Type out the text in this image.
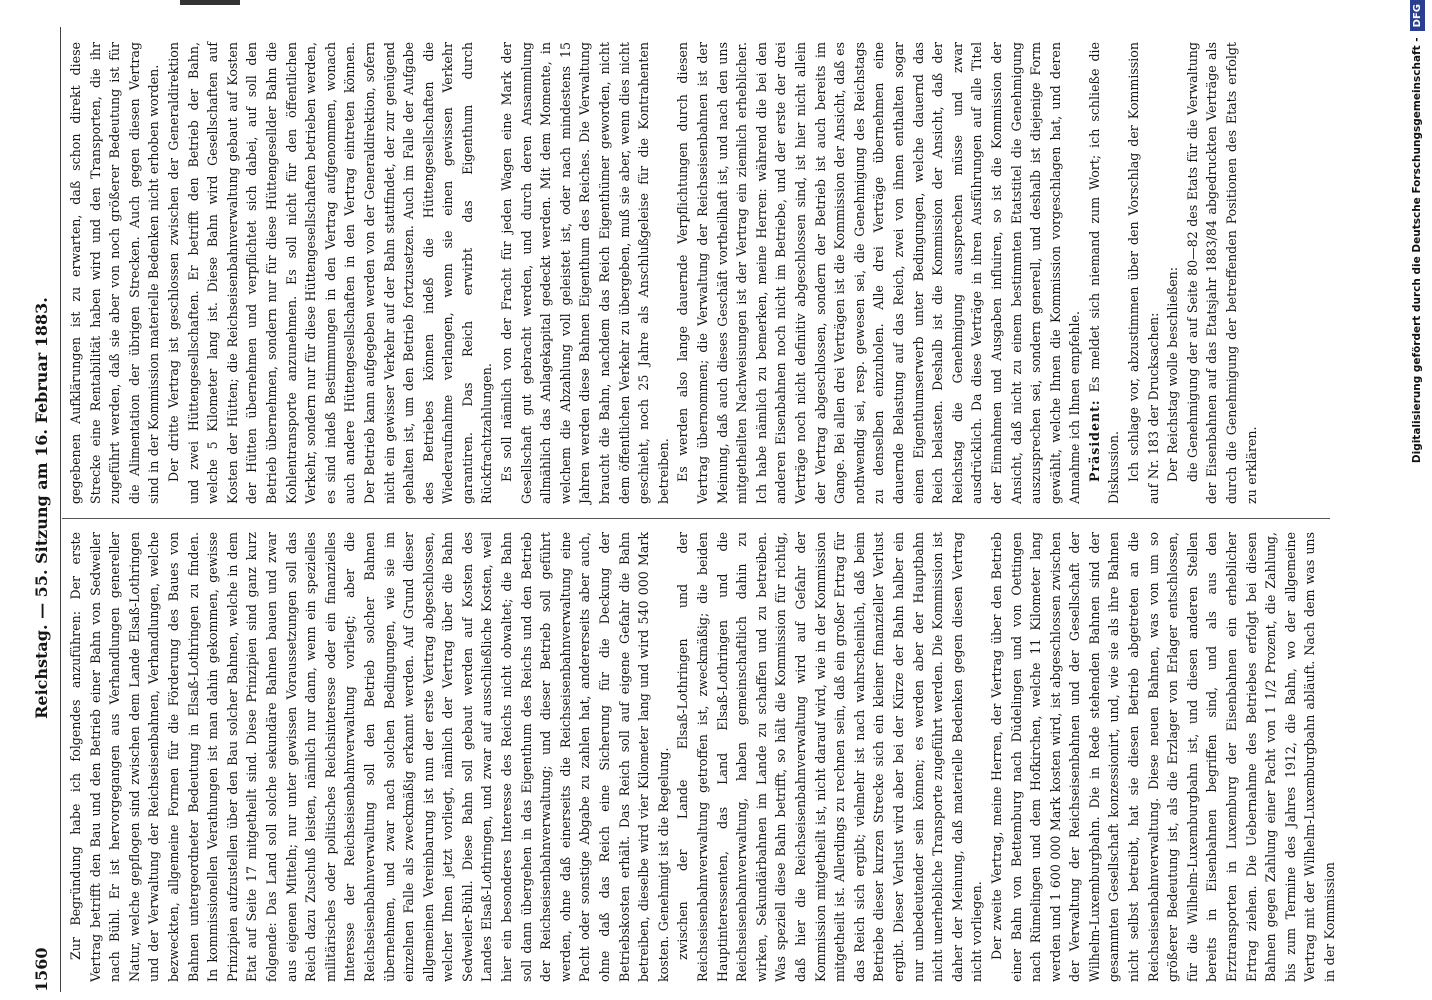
1560
Reichstag. — 55. Sitzung am 16. Februar 1883.

Zur Begründung habe ich folgendes anzuführen: Der erste Vertrag betrifft den Bau und den Betrieb einer Bahn von Sedweiler nach Bühl. Er ist hervorgegangen aus Verhandlungen genereller Natur, welche gepflogen sind zwischen dem Lande Elsaß-Lothringen und der Verwaltung der Reichseisenbahnen, Verhandlungen, welche bezweckten, allgemeine Formen für die Förderung des Baues von Bahnen untergeordneter Bedeutung in Elsaß-Lothringen zu finden. In kommissionellen Verathungen ist man dahin gekommen, gewisse Prinzipien aufzustellen über den Bau solcher Bahnen, welche in dem Etat auf Seite 17 mitgetheilt sind. Diese Prinzipien sind ganz kurz folgende: Das Land soll solche sekundäre Bahnen bauen und zwar aus eigenen Mitteln; nur unter gewissen Voraussetzungen soll das Reich dazu Zuschuß leisten, nämlich nur dann, wenn ein spezielles militärisches oder politisches Reichsinteresse oder ein finanzielles Interesse der Reichseisenbahnverwaltung vorliegt; aber die Reichseisenbahnverwaltung soll den Betrieb solcher Bahnen übernehmen, und zwar nach solchen Bedingungen, wie sie im einzelnen Falle als zweckmäßig erkannt werden. Auf Grund dieser allgemeinen Vereinbarung ist nun der erste Vertrag abgeschlossen, welcher Ihnen jetzt vorliegt, nämlich der Vertrag über die Bahn Sedweiler-Bühl. Diese Bahn soll gebaut werden auf Kosten des Landes Elsaß-Lothringen, und zwar auf ausschließliche Kosten, weil hier ein besonderes Interesse des Reichs nicht obwaltet; die Bahn soll dann übergehen in das Eigenthum des Reichs und den Betrieb der Reichseisenbahnverwaltung; und dieser Betrieb soll geführt werden, ohne daß einerseits die Reichseisenbahnverwaltung eine Pacht oder sonstige Abgabe zu zahlen hat, andererseits aber auch, ohne daß das Reich eine Sicherung für die Deckung der Betriebskosten erhält. Das Reich soll auf eigene Gefahr die Bahn betreiben, dieselbe wird vier Kilometer lang und wird 540 000 Mark kosten. Genehmigt ist die Regelung. zwischen der Lande Elsaß-Lothringen und der Reichseisenbahnverwaltung getroffen ist, zweckmäßig; die beiden Hauptinteressenten, das Land Elsaß-Lothringen und die Reichseisenbahnverwaltung, haben gemeinschaftlich dahin zu wirken, Sekundärbahnen im Lande zu schaffen und zu betreiben. Was speziell diese Bahn betrifft, so hält die Kommission für richtig, daß hier die Reichseisenbahnverwaltung wird auf Gefahr der Kommission mitgetheilt ist, nicht darauf wird, wie in der Kommission mitgetheilt ist. Allerdings zu rechnen sein, daß ein großer Ertrag für das Reich sich ergibt; vielmehr ist nach wahrscheinlich, daß beim Betriebe dieser kurzen Strecke sich ein kleiner finanzieller Verlust ergibt. Dieser Verlust wird aber bei der Kürze der Bahn halber ein nur unbedeutender sein können; es werden aber der Hauptbahn nicht unerhebliche Transporte zugeführt werden. Die Kommission ist daher der Meinung, daß materielle Bedenken gegen diesen Vertrag nicht vorliegen. Der zweite Vertrag, meine Herren, der Vertrag über den Betrieb einer Bahn von Bettemburg nach Düdelingen und von Oettingen nach Rümelingen und dem Hofkirchen, welche 11 Kilometer lang werden und 1 600 000 Mark kosten wird, ist abgeschlossen zwischen der Verwaltung der Reichseisenbahnen und der Gesellschaft der Wilhelm-Luxemburgbahn. Die in Rede stehenden Bahnen sind der gesammten Gesellschaft konzessionirt, und, wie sie als ihre Bahnen nicht selbst betreibt, hat sie diesen Betrieb abgetreten an die Reichseisenbahnverwaltung. Diese neuen Bahnen, was von um so größerer Bedeutung ist, als die Erzlager von Erlager entschlossen, für die Wilhelm-Luxemburgbahn ist, und diesen anderen Stellen bereits in Eisenbahnen begriffen sind, und als aus den Erztransporten in Luxemburg der Eisenbahnen ein erheblicher Ertrag ziehen. Die Uebernahme des Betriebes erfolgt bei diesen Bahnen gegen Zahlung einer Pacht von 1 1/2 Prozent, die Zahlung, bis zum Termine des Jahres 1912, die Bahn, wo der allgemeine Vertrag mit der Wilhelm-Luxemburgbahn abläuft. Nach dem was uns in der Kommission

gegebenen Aufklärungen ist zu erwarten, daß schon direkt diese Strecke eine Rentabilität haben wird und den Transporten, die ihr zugeführt werden, daß sie aber von noch größerer Bedeutung ist für die Alimentation der übrigen Strecken. Auch gegen diesen Vertrag sind in der Kommission materielle Bedenken nicht erhoben worden. Der dritte Vertrag ist geschlossen zwischen der Generaldirektion und zwei Hüttengesellschaften. Er betrifft den Betrieb der Bahn, welche 5 Kilometer lang ist. Diese Bahn wird Gesellschaften auf Kosten der Hütten; die Reichseisenbahnverwaltung gebaut auf Kosten der Hütten übernehmen und verpflichtet sich dabei, auf soll den Betrieb übernehmen, sondern nur für diese Hüttengesellder Bahn die Kohlentransporte anzunehmen. Es soll nicht für den öffentlichen Verkehr, sondern nur für diese Hüttengesellschaften betrieben werden, es sind indeß Bestimmungen in den Vertrag aufgenommen, wonach auch andere Hüttengesellschaften in den Vertrag eintreten können. Der Betrieb kann aufgegeben werden von der Generaldirektion, sofern nicht ein gewisser Verkehr auf der Bahn stattfindet, der zur genügend gehalten ist, um den Betrieb fortzusetzen. Auch im Falle der Aufgabe des Betriebes können indeß die Hüttengesellschaften die Wiederaufnahme verlangen, wenn sie einen gewissen Verkehr garantiren. Das Reich erwirbt das Eigenthum durch Rückfrachtzahlungen. Es soll nämlich von der Fracht für jeden Wagen eine Mark der Gesellschaft gut gebracht werden, und durch deren Ansammlung allmählich das Anlagekapital gedeckt werden. Mit dem Momente, in welchem die Abzahlung voll geleistet ist, oder nach mindestens 15 Jahren werden diese Bahnen Eigenthum des Reiches. Die Verwaltung braucht die Bahn, nachdem das Reich Eigenthümer geworden, nicht dem öffentlichen Verkehr zu übergeben, muß sie aber, wenn dies nicht geschieht, noch 25 Jahre als Anschlußgeleise für die Kontrahenten betreiben. Es werden also lange dauernde Verpflichtungen durch diesen Vertrag übernommen; die Verwaltung der Reichseisenbahnen ist der Meinung, daß auch dieses Geschäft vortheilhaft ist, und nach den uns mitgetheilten Nachweisungen ist der Vertrag ein ziemlich erheblicher. Ich habe nämlich zu bemerken, meine Herren: während die bei den anderen Eisenbahnen noch nicht im Betriebe, und der erste der drei Verträge noch nicht definitiv abgeschlossen sind, ist hier nicht allein der Vertrag abgeschlossen, sondern der Betrieb ist auch bereits im Gange. Bei allen drei Verträgen ist die Kommission der Ansicht, daß es nothwendig sei, resp. gewesen sei, die Genehmigung des Reichstags zu denselben einzuholen. Alle drei Verträge übernehmen eine dauernde Belastung auf das Reich, zwei von ihnen enthalten sogar einen Eigenthumserwerb unter Bedingungen, welche dauernd das Reich belasten. Deshalb ist die Kommission der Ansicht, daß der Reichstag die Genehmigung aussprechen müsse und zwar ausdrücklich. Da diese Verträge in ihren Ausführungen auf alle Titel der Einnahmen und Ausgaben influiren, so ist die Kommission der Ansicht, daß nicht zu einem bestimmten Etatstitel die Genehmigung auszusprechen sei, sondern generell, und deshalb ist diejenige Form gewählt, welche Ihnen die Kommission vorgeschlagen hat, und deren Annahme ich Ihnen empfehle. Präsident: Es meldet sich niemand zum Wort; ich schließe die Diskussion. Ich schlage vor, abzustimmen über den Vorschlag der Kommission auf Nr. 183 der Drucksachen: Der Reichstag wolle beschließen: die Genehmigung der auf Seite 80—82 des Etats für die Verwaltung der Eisenbahnen auf das Etatsjahr 1883/84 abgedruckten Verträge als durch die Genehmigung der betreffenden Positionen des Etats erfolgt zu erklären.

Digitalisierung gefördert durch die Deutsche Forschungsgemeinschaft -DFG
